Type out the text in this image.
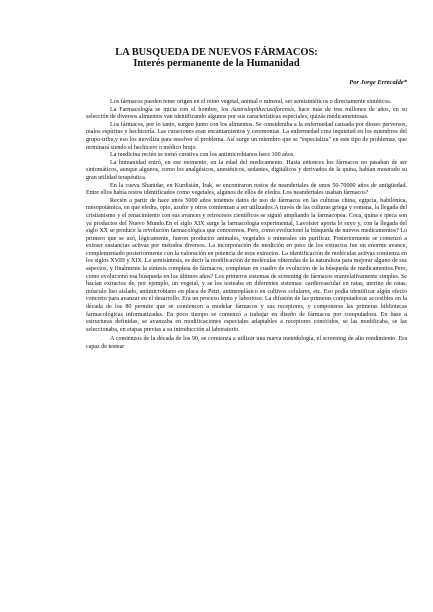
LA BUSQUEDA DE NUEVOS FÁRMACOS:
Interés permanente de la Humanidad

Por Jorge Errecalde*

Los fármacos pueden tener origen en el reino vegetal, animal o mineral, ser semisintéticos o directamente sintéticos.

La Farmacología se inicia con el hombre, los Australopithecusafarensis, hace más de tres millones de años, en su selección de diversos alimentos van identificando algunos por sus características especiales, quizás medicamentosas.

Los fármacos, por lo tanto, surgen junto con los alimentos. Se consideraba a la enfermedad causada por dioses perversos, malos espíritus y hechicería. Las curaciones eran encantamientos y ceremonias. La enfermedad crea inquietud en los miembros del grupo-tribu,y eso los moviliza para resolver el problema. Así surge un miembro que se "especializa" en este tipo de problemas, que terminará siendo el hechicero o médico brujo.

La medicina recién se tornó curativa con los antimicrobianos hace 100 años.

La humanidad entró, en ese momento, en la edad del medicamento. Hasta entonces los fármacos no pasaban de ser sintomáticos, aunque algunos, como los analgésicos, anestésicos, sedantes, digitálicos y derivados de la quina, habían mostrado su gran utilidad terapéutica.

En la cueva Shanidar, en Kurdistán, Irak, se encontraron restos de neandertales de unos 50-70000 años de antigüedad. Entre ellos había restos identificados como vegetales, algunos de ellos de efedra. Los neandertales usaban fármacos?

Recién a partir de hace unos 5000 años tenemos datos de uso de fármacos en las culturas china, egipcia, babilónica, mesopotámica, en que efedra, opio, azufre y otros comienzan a ser utilizados.A través de las culturas griega y romana, la llegada del cristianismo y el renacimiento con sus avances y retrocesos científicos se siguió ampliando la farmacopea. Coca, quina e ipeca son ya productos del Nuevo Mundo.En el siglo XIX surge la farmacología experimental, Lavoisier aporta lo suyo y, con la llegada del siglo XX se produce la revolución farmacológica que conocemos. Pero, como evolucionó la búsqueda de nuevos medicamentos? Lo primero que se usó, lógicamente, fueron productos animales, vegetales o minerales sin purificar. Posteriormente se comenzó a extraer sustancias activas por métodos diversos. La incorporación de medición en peso de los extractos fue un enorme avance, complementado posteriormente con la valoración en potencia de esos extractos. La identificación de moléculas activas comienza en los siglos XVIII y XIX. La semisíntesis, es decir la modificación de moléculas obtenidas de la naturaleza para mejorar alguno de sus aspectos, y finalmente la síntesis completa de fármacos, completan en cuadro de evolución de la búsqueda de medicamentos.Pero, como evolucionó esa búsqueda en los últimos años? Los primeros sistemas de screening de fármacos eranrelativamente simples. Se hacían extractos de, por ejemplo, un vegetal, y se los testeaba en diferentes sistemas: cardiovascular en ratas, uterino de ratas, músculo liso aislado, antimicrobiano en placa de Petri, antineoplásico en cultivos celulares, etc. Eso podía identificar algún efecto concreto para avanzar en el desarrollo. Era un proceso lento y laborioso. La difusión de las primeras computadoras accesibles en la década de los 80 permite que se comiencen a modelar fármacos y sus receptores, y componerse las primeras bibliotecas farmacológicas informatizadas. En poco tiempo se comenzó a trabajar en diseño de fármacos por computadora. En base a estructuras definidas, se avanzaba en modificaciones especiales adaptables a receptores conocidos, se las modificaba, se las seleccionaba, en etapas previas a su introducción al laboratorio.

A comienzos de la década de los 90, se comienza a utilizar una nueva metodología, el screening de alto rendimiento. Era capaz de testear
